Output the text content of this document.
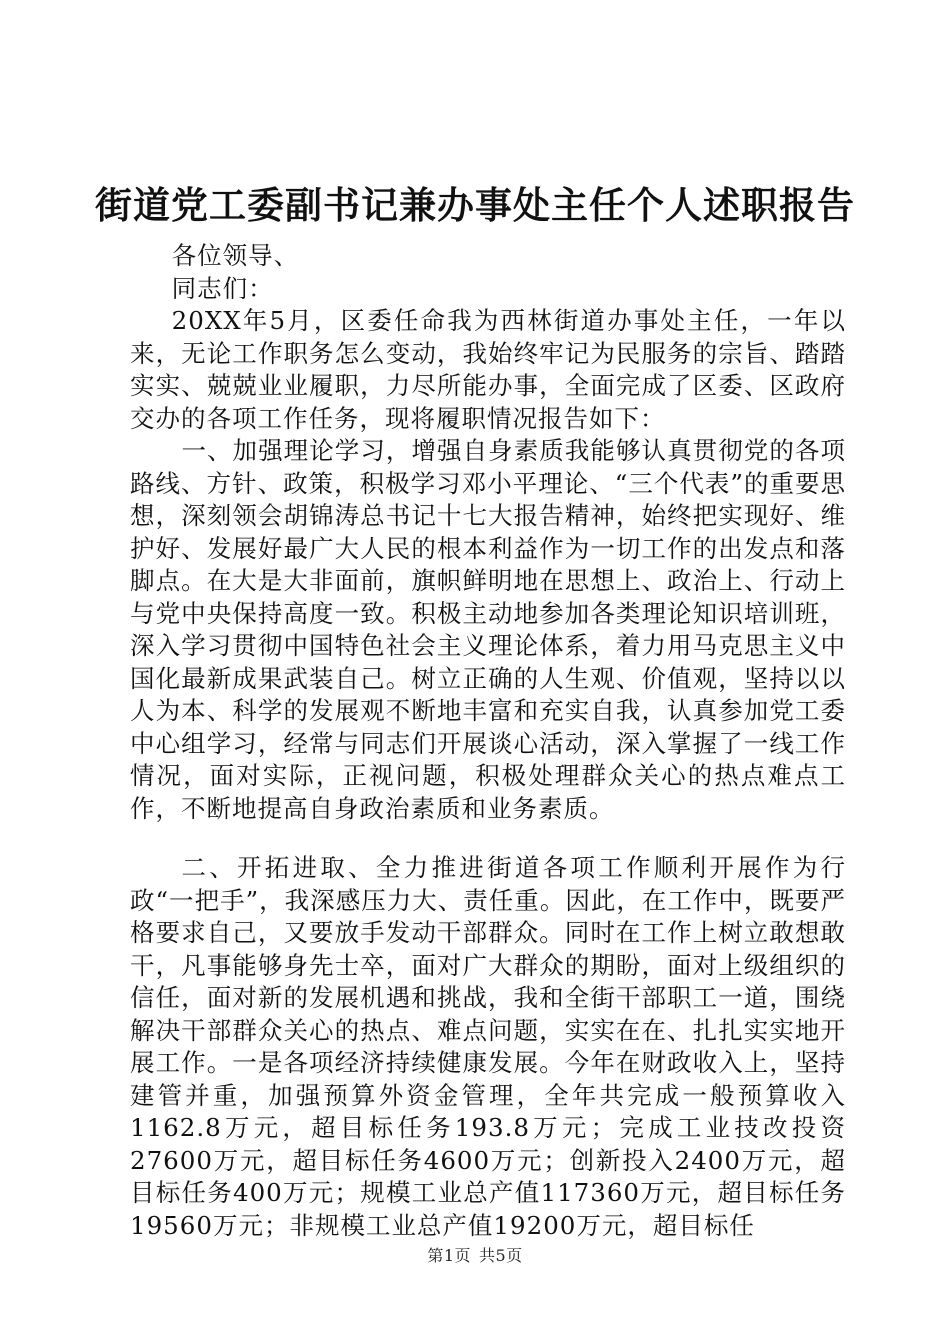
街道党工委副书记兼办事处主任个人述职报告

各位领导、

同志们：

20XX年5月，区委任命我为西林街道办事处主任，一年以来，无论工作职务怎么变动，我始终牢记为民服务的宗旨、踏踏实实、兢兢业业履职，力尽所能办事，全面完成了区委、区政府交办的各项工作任务，现将履职情况报告如下：

一、加强理论学习，增强自身素质我能够认真贯彻党的各项路线、方针、政策，积极学习邓小平理论、“三个代表”的重要思想，深刻领会胡锦涛总书记十七大报告精神，始终把实现好、维护好、发展好最广大人民的根本利益作为一切工作的出发点和落脚点。在大是大非面前，旗帜鲜明地在思想上、政治上、行动上与党中央保持高度一致。积极主动地参加各类理论知识培训班，深入学习贯彻中国特色社会主义理论体系，着力用马克思主义中国化最新成果武装自己。树立正确的人生观、价值观，坚持以以人为本、科学的发展观不断地丰富和充实自我，认真参加党工委中心组学习，经常与同志们开展谈心活动，深入掌握了一线工作情况，面对实际，正视问题，积极处理群众关心的热点难点工作，不断地提高自身政治素质和业务素质。

二、开拓进取、全力推进街道各项工作顺利开展作为行政“一把手”，我深感压力大、责任重。因此，在工作中，既要严格要求自己，又要放手发动干部群众。同时在工作上树立敢想敢干，凡事能够身先士卒，面对广大群众的期盼，面对上级组织的信任，面对新的发展机遇和挑战，我和全街干部职工一道，围绕解决干部群众关心的热点、难点问题，实实在在、扎扎实实地开展工作。一是各项经济持续健康发展。今年在财政收入上，坚持建管并重，加强预算外资金管理，全年共完成一般预算收入1162.8万元，超目标任务193.8万元；完成工业技改投资27600万元，超目标任务4600万元；创新投入2400万元，超目标任务400万元；规模工业总产值117360万元，超目标任务19560万元；非规模工业总产值19200万元，超目标任

第1页 共5页
